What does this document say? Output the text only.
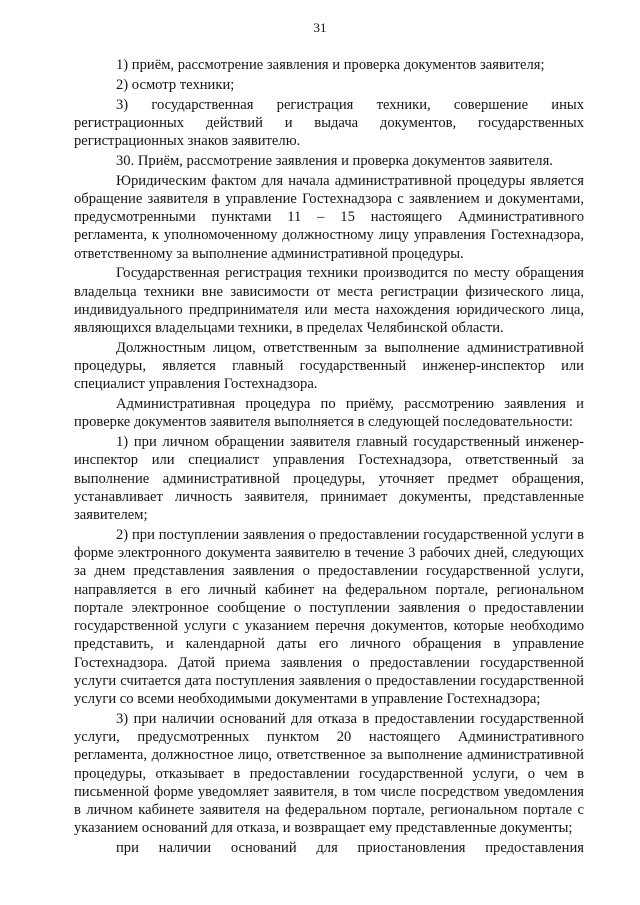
31

1) приём, рассмотрение заявления и проверка документов заявителя;

2) осмотр техники;

3) государственная регистрация техники, совершение иных регистрационных действий и выдача документов, государственных регистрационных знаков заявителю.

30. Приём, рассмотрение заявления и проверка документов заявителя.

Юридическим фактом для начала административной процедуры является обращение заявителя в управление Гостехнадзора с заявлением и документами, предусмотренными пунктами 11 – 15 настоящего Административного регламента, к уполномоченному должностному лицу управления Гостехнадзора, ответственному за выполнение административной процедуры.

Государственная регистрация техники производится по месту обращения владельца техники вне зависимости от места регистрации физического лица, индивидуального предпринимателя или места нахождения юридического лица, являющихся владельцами техники, в пределах Челябинской области.

Должностным лицом, ответственным за выполнение административной процедуры, является главный государственный инженер-инспектор или специалист управления Гостехнадзора.

Административная процедура по приёму, рассмотрению заявления и проверке документов заявителя выполняется в следующей последовательности:

1) при личном обращении заявителя главный государственный инженер-инспектор или специалист управления Гостехнадзора, ответственный за выполнение административной процедуры, уточняет предмет обращения, устанавливает личность заявителя, принимает документы, представленные заявителем;

2) при поступлении заявления о предоставлении государственной услуги в форме электронного документа заявителю в течение 3 рабочих дней, следующих за днем представления заявления о предоставлении государственной услуги, направляется в его личный кабинет на федеральном портале, региональном портале электронное сообщение о поступлении заявления о предоставлении государственной услуги с указанием перечня документов, которые необходимо представить, и календарной даты его личного обращения в управление Гостехнадзора. Датой приема заявления о предоставлении государственной услуги считается дата поступления заявления о предоставлении государственной услуги со всеми необходимыми документами в управление Гостехнадзора;

3) при наличии оснований для отказа в предоставлении государственной услуги, предусмотренных пунктом 20 настоящего Административного регламента, должностное лицо, ответственное за выполнение административной процедуры, отказывает в предоставлении государственной услуги, о чем в письменной форме уведомляет заявителя, в том числе посредством уведомления в личном кабинете заявителя на федеральном портале, региональном портале с указанием оснований для отказа, и возвращает ему представленные документы;

при наличии оснований для приостановления предоставления
